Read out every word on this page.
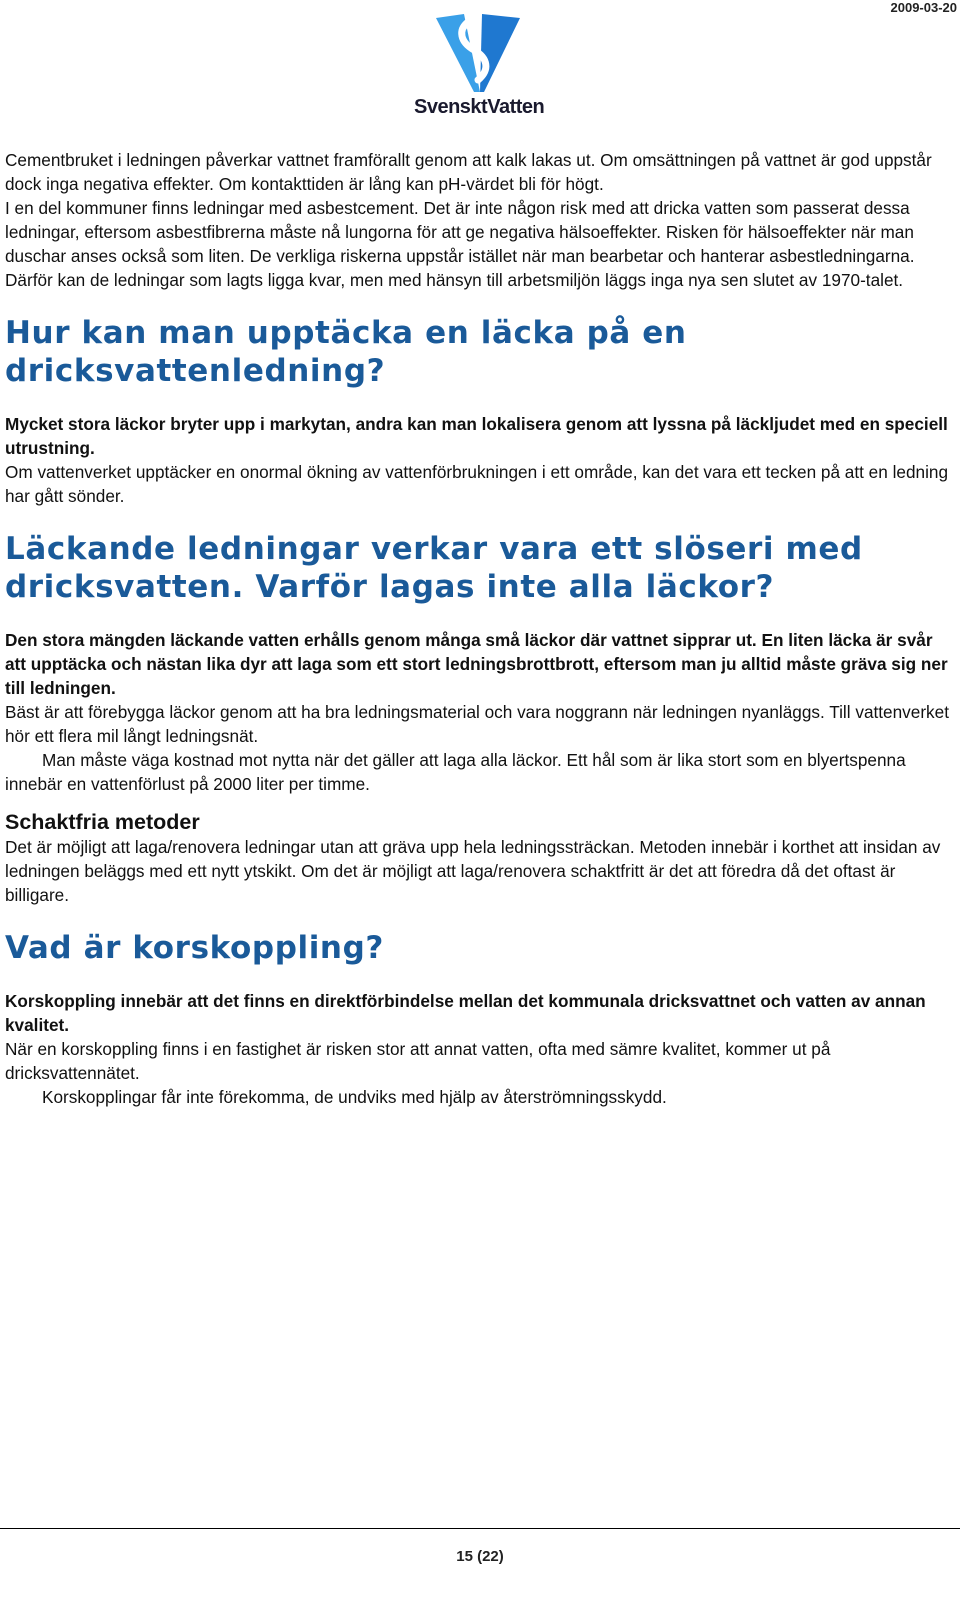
2009-03-20
SvensktVatten

Cementbruket i ledningen påverkar vattnet framförallt genom att kalk lakas ut. Om omsättningen på vattnet är god uppstår dock inga negativa effekter. Om kontakttiden är lång kan pH-värdet bli för högt.

I en del kommuner finns ledningar med asbestcement. Det är inte någon risk med att dricka vatten som passerat dessa ledningar, eftersom asbestfibrerna måste nå lungorna för att ge negativa hälsoeffekter. Risken för hälsoeffekter när man duschar anses också som liten. De verkliga riskerna uppstår istället när man bearbetar och hanterar asbestledningarna. Därför kan de ledningar som lagts ligga kvar, men med hänsyn till arbetsmiljön läggs inga nya sen slutet av 1970-talet.

Hur kan man upptäcka en läcka på en dricksvattenledning?

Mycket stora läckor bryter upp i markytan, andra kan man lokalisera genom att lyssna på läckljudet med en speciell utrustning.

Om vattenverket upptäcker en onormal ökning av vattenförbrukningen i ett område, kan det vara ett tecken på att en ledning har gått sönder.

Läckande ledningar verkar vara ett slöseri med dricksvatten. Varför lagas inte alla läckor?

Den stora mängden läckande vatten erhålls genom många små läckor där vattnet sipprar ut. En liten läcka är svår att upptäcka och nästan lika dyr att laga som ett stort ledningsbrottbrott, eftersom man ju alltid måste gräva sig ner till ledningen.

Bäst är att förebygga läckor genom att ha bra ledningsmaterial och vara noggrann när ledningen nyanläggs. Till vattenverket hör ett flera mil långt ledningsnät.

Man måste väga kostnad mot nytta när det gäller att laga alla läckor. Ett hål som är lika stort som en blyertspenna innebär en vattenförlust på 2000 liter per timme.

Schaktfria metoder

Det är möjligt att laga/renovera ledningar utan att gräva upp hela ledningssträckan. Metoden innebär i korthet att insidan av ledningen beläggs med ett nytt ytskikt. Om det är möjligt att laga/renovera schaktfritt är det att föredra då det oftast är billigare.

Vad är korskoppling?

Korskoppling innebär att det finns en direktförbindelse mellan det kommunala dricksvattnet och vatten av annan kvalitet.

När en korskoppling finns i en fastighet är risken stor att annat vatten, ofta med sämre kvalitet, kommer ut på dricksvattennätet.

Korskopplingar får inte förekomma, de undviks med hjälp av återströmningsskydd.

15 (22)
